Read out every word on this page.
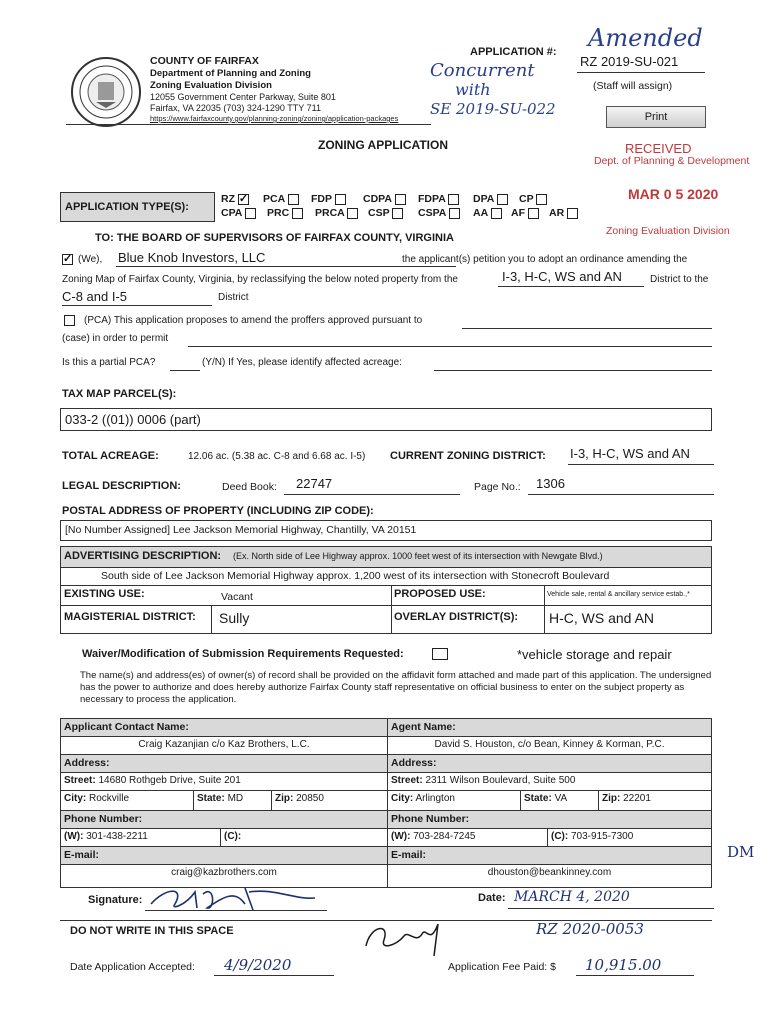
COUNTY OF FAIRFAX
Department of Planning and Zoning
Zoning Evaluation Division
12055 Government Center Parkway, Suite 801
Fairfax, VA 22035 (703) 324-1290 TTY 711
https://www.fairfaxcounty.gov/planning-zoning/zoning/application-packages
Amended
APPLICATION #:
RZ 2019-SU-021
(Staff will assign)
Concurrent
with
SE 2019-SU-022	Print
ZONING APPLICATION	RECEIVED
Dept. of Planning & Development
MAR 0 5 2020
Zoning Evaluation Division
APPLICATION TYPE(S):
RZ ✓	PCA	FDP	CDPA	FDPA	DPA	CP
CPA	PRC	PRCA	CSP	CSPA	AA	AF	AR
TO: THE BOARD OF SUPERVISORS OF FAIRFAX COUNTY, VIRGINIA
✓
(We), Blue Knob Investors, LLC	the applicant(s) petition you to adopt an ordinance amending the
Zoning Map of Fairfax County, Virginia, by reclassifying the below noted property from the	I-3, H-C, WS and AN	District to the
C-8 and I-5	District
(PCA) This application proposes to amend the proffers approved pursuant to
(case) in order to permit
Is this a partial PCA?	(Y/N) If Yes, please identify affected acreage:
TAX MAP PARCEL(S):
033-2 ((01)) 0006 (part)
TOTAL ACREAGE:	12.06 ac. (5.38 ac. C-8 and 6.68 ac. I-5) CURRENT ZONING DISTRICT: I-3, H-C, WS and AN
LEGAL DESCRIPTION:	Deed Book: 22747	Page No.: 1306
POSTAL ADDRESS OF PROPERTY (INCLUDING ZIP CODE):
[No Number Assigned] Lee Jackson Memorial Highway, Chantilly, VA 20151
ADVERTISING DESCRIPTION: (Ex. North side of Lee Highway approx. 1000 feet west of its intersection with Newgate Blvd.)
South side of Lee Jackson Memorial Highway approx. 1,200 west of its intersection with Stonecroft Boulevard
EXISTING USE:	Vacant	PROPOSED USE:	Vehicle sale, rental & ancillary service estab.,*
MAGISTERIAL DISTRICT: Sully	OVERLAY DISTRICT(S): H-C, WS and AN
Waiver/Modification of Submission Requirements Requested:	*vehicle storage and repair
The name(s) and address(es) of owner(s) of record shall be provided on the affidavit form attached and made part of this application. The undersigned has the power to authorize and does hereby authorize Fairfax County staff representative on official business to enter on the subject property as necessary to process the application.
Applicant Contact Name:
Craig Kazanjian c/o Kaz Brothers, L.C.
Address:
Street: 14680 Rothgeb Drive, Suite 201
City: Rockville	State: MD	Zip: 20850
Phone Number:
(W): 301-438-2211	(C):
E-mail:
craig@kazbrothers.com
Agent Name:
David S. Houston, c/o Bean, Kinney & Korman, P.C.
Address:
Street: 2311 Wilson Boulevard, Suite 500
City: Arlington	State: VA	Zip: 22201
Phone Number:
(W): 703-284-7245	(C): 703-915-7300
E-mail:
dhouston@beankinney.com
DM
Signature:	Date: MARCH 4, 2020
DO NOT WRITE IN THIS SPACE	RZ 2020-0053
Date Application Accepted: 4/9/2020	Application Fee Paid: $ 10,915.00
